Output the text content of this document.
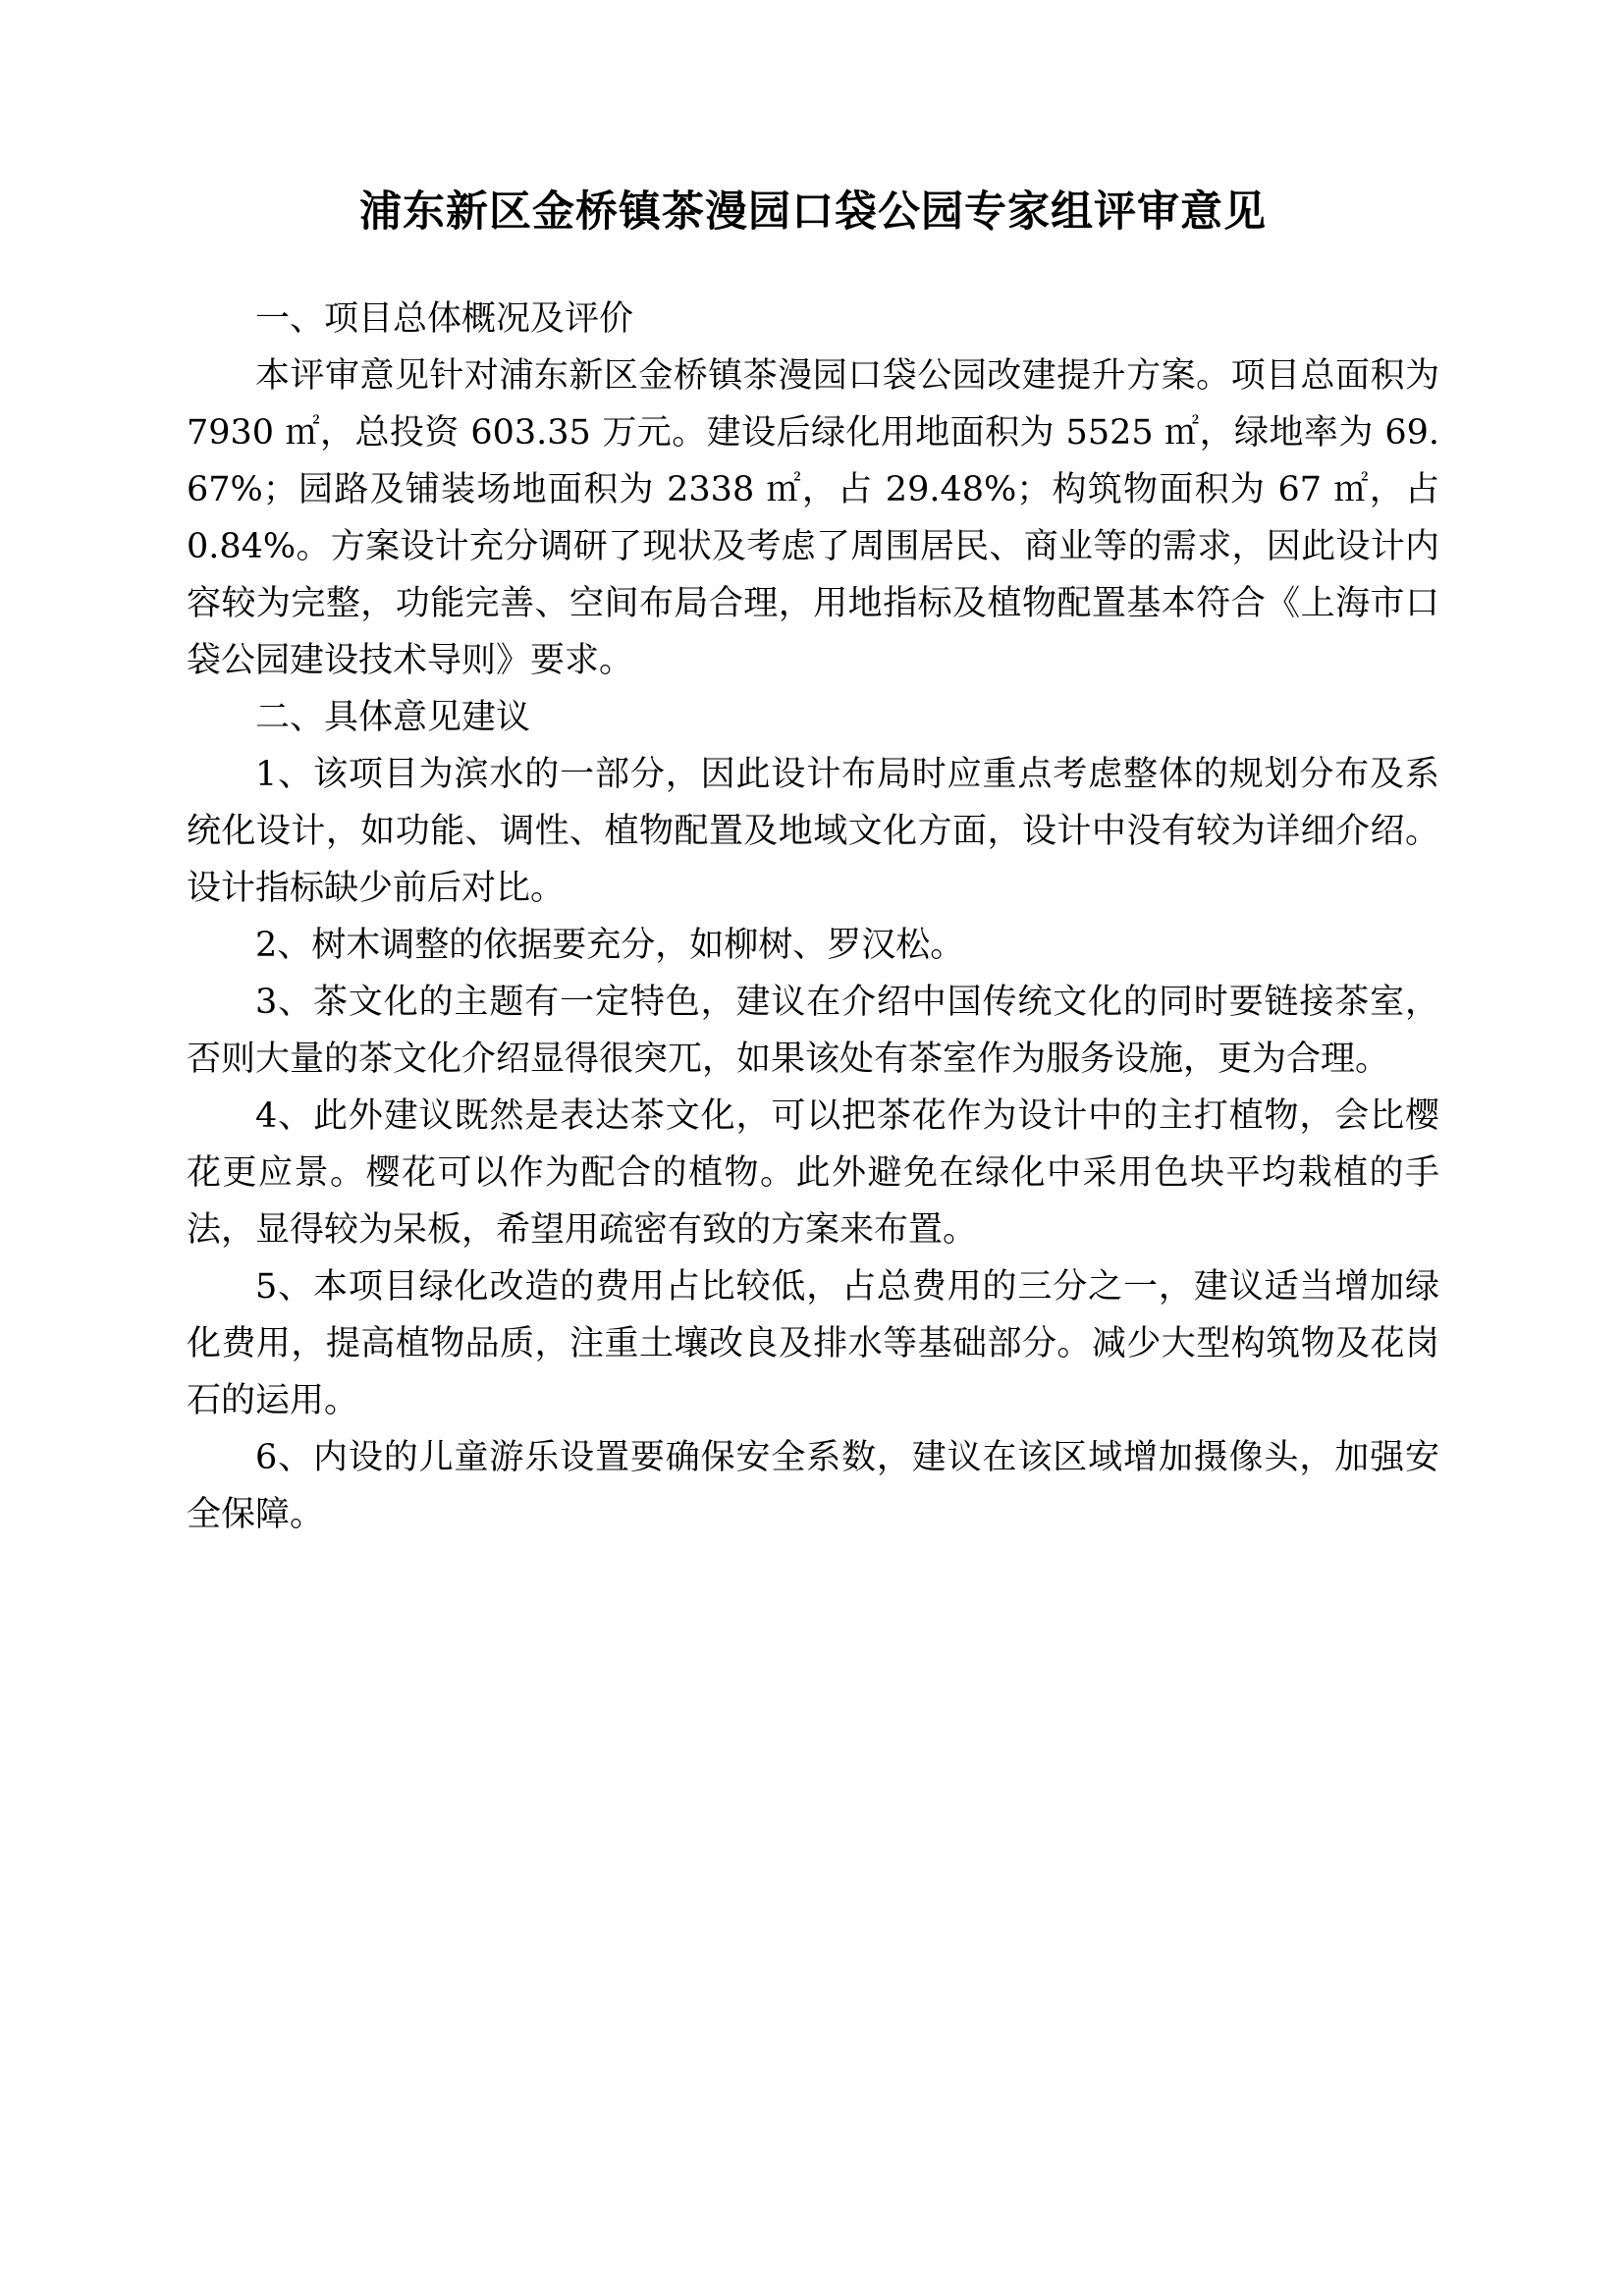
浦东新区金桥镇茶漫园口袋公园专家组评审意见

一、项目总体概况及评价

本评审意见针对浦东新区金桥镇茶漫园口袋公园改建提升方案。项目总面积为 7930 ㎡，总投资 603.35 万元。建设后绿化用地面积为 5525 ㎡，绿地率为 69.67%；园路及铺装场地面积为 2338 ㎡，占 29.48%；构筑物面积为 67 ㎡，占 0.84%。方案设计充分调研了现状及考虑了周围居民、商业等的需求，因此设计内容较为完整，功能完善、空间布局合理，用地指标及植物配置基本符合《上海市口袋公园建设技术导则》要求。

二、具体意见建议

1、该项目为滨水的一部分，因此设计布局时应重点考虑整体的规划分布及系统化设计，如功能、调性、植物配置及地域文化方面，设计中没有较为详细介绍。设计指标缺少前后对比。

2、树木调整的依据要充分，如柳树、罗汉松。

3、茶文化的主题有一定特色，建议在介绍中国传统文化的同时要链接茶室，否则大量的茶文化介绍显得很突兀，如果该处有茶室作为服务设施，更为合理。

4、此外建议既然是表达茶文化，可以把茶花作为设计中的主打植物，会比樱花更应景。樱花可以作为配合的植物。此外避免在绿化中采用色块平均栽植的手法，显得较为呆板，希望用疏密有致的方案来布置。

5、本项目绿化改造的费用占比较低，占总费用的三分之一，建议适当增加绿化费用，提高植物品质，注重土壤改良及排水等基础部分。减少大型构筑物及花岗石的运用。

6、内设的儿童游乐设置要确保安全系数，建议在该区域增加摄像头，加强安全保障。
